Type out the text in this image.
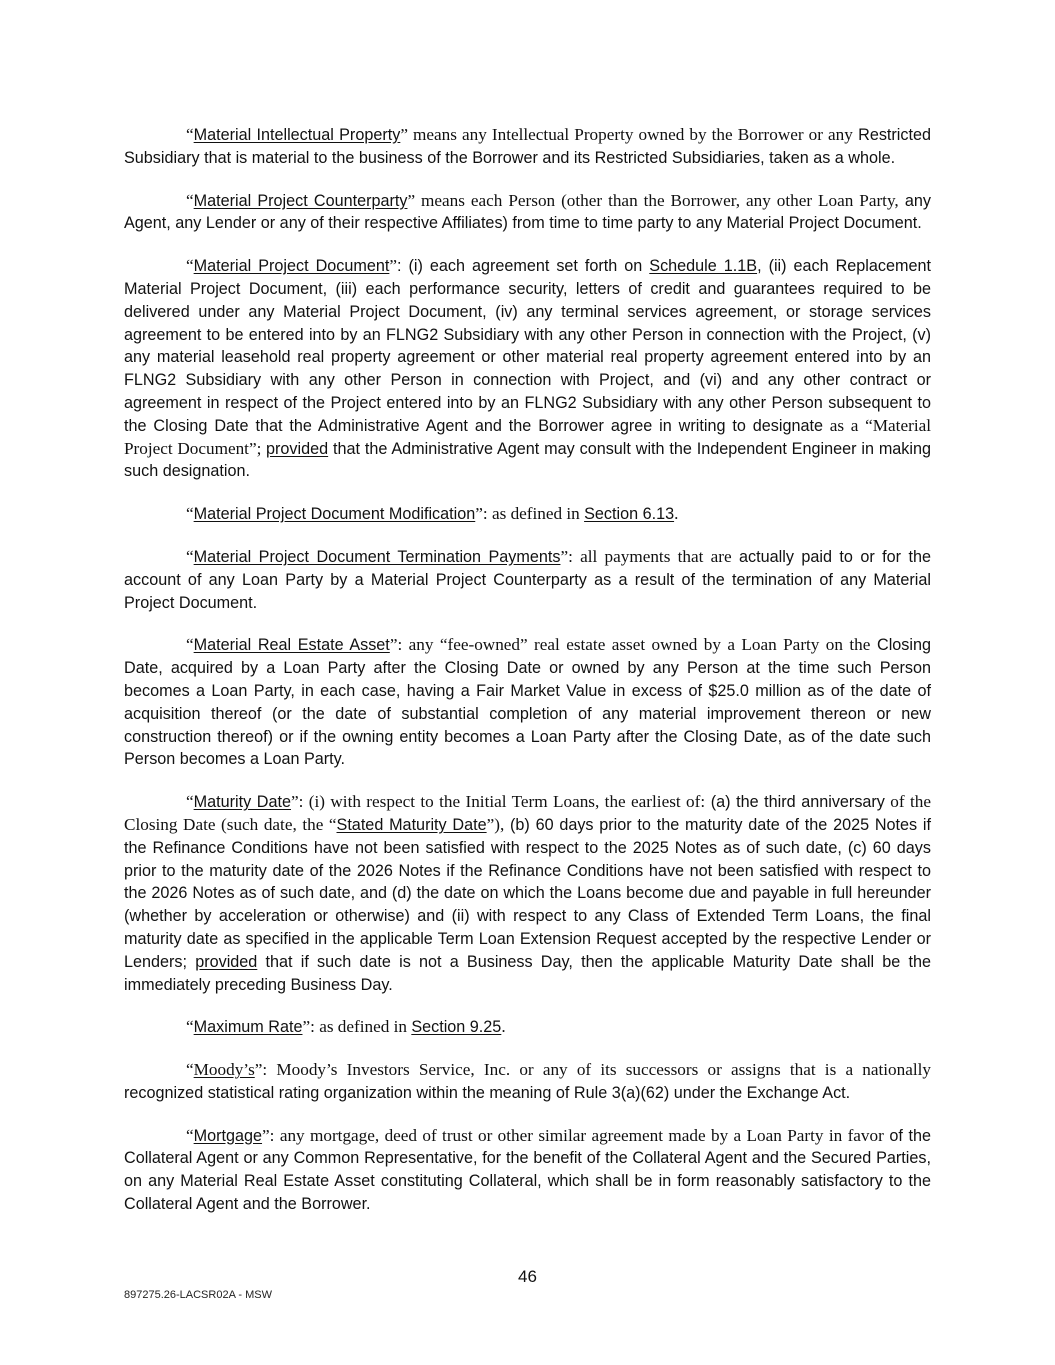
“Material Intellectual Property” means any Intellectual Property owned by the Borrower or any Restricted Subsidiary that is material to the business of the Borrower and its Restricted Subsidiaries, taken as a whole.

“Material Project Counterparty” means each Person (other than the Borrower, any other Loan Party, any Agent, any Lender or any of their respective Affiliates) from time to time party to any Material Project Document.

“Material Project Document”: (i) each agreement set forth on Schedule 1.1B, (ii) each Replacement Material Project Document, (iii) each performance security, letters of credit and guarantees required to be delivered under any Material Project Document, (iv) any terminal services agreement, or storage services agreement to be entered into by an FLNG2 Subsidiary with any other Person in connection with the Project, (v) any material leasehold real property agreement or other material real property agreement entered into by an FLNG2 Subsidiary with any other Person in connection with Project, and (vi) and any other contract or agreement in respect of the Project entered into by an FLNG2 Subsidiary with any other Person subsequent to the Closing Date that the Administrative Agent and the Borrower agree in writing to designate as a “Material Project Document”; provided that the Administrative Agent may consult with the Independent Engineer in making such designation.

“Material Project Document Modification”: as defined in Section 6.13.

“Material Project Document Termination Payments”: all payments that are actually paid to or for the account of any Loan Party by a Material Project Counterparty as a result of the termination of any Material Project Document.

“Material Real Estate Asset”: any “fee-owned” real estate asset owned by a Loan Party on the Closing Date, acquired by a Loan Party after the Closing Date or owned by any Person at the time such Person becomes a Loan Party, in each case, having a Fair Market Value in excess of $25.0 million as of the date of acquisition thereof (or the date of substantial completion of any material improvement thereon or new construction thereof) or if the owning entity becomes a Loan Party after the Closing Date, as of the date such Person becomes a Loan Party.

“Maturity Date”: (i) with respect to the Initial Term Loans, the earliest of: (a) the third anniversary of the Closing Date (such date, the “Stated Maturity Date”), (b) 60 days prior to the maturity date of the 2025 Notes if the Refinance Conditions have not been satisfied with respect to the 2025 Notes as of such date, (c) 60 days prior to the maturity date of the 2026 Notes if the Refinance Conditions have not been satisfied with respect to the 2026 Notes as of such date, and (d) the date on which the Loans become due and payable in full hereunder (whether by acceleration or otherwise) and (ii) with respect to any Class of Extended Term Loans, the final maturity date as specified in the applicable Term Loan Extension Request accepted by the respective Lender or Lenders; provided that if such date is not a Business Day, then the applicable Maturity Date shall be the immediately preceding Business Day.

“Maximum Rate”: as defined in Section 9.25.

“Moody’s”: Moody’s Investors Service, Inc. or any of its successors or assigns that is a nationally recognized statistical rating organization within the meaning of Rule 3(a)(62) under the Exchange Act.

“Mortgage”: any mortgage, deed of trust or other similar agreement made by a Loan Party in favor of the Collateral Agent or any Common Representative, for the benefit of the Collateral Agent and the Secured Parties, on any Material Real Estate Asset constituting Collateral, which shall be in form reasonably satisfactory to the Collateral Agent and the Borrower.

46
897275.26-LACSR02A - MSW
